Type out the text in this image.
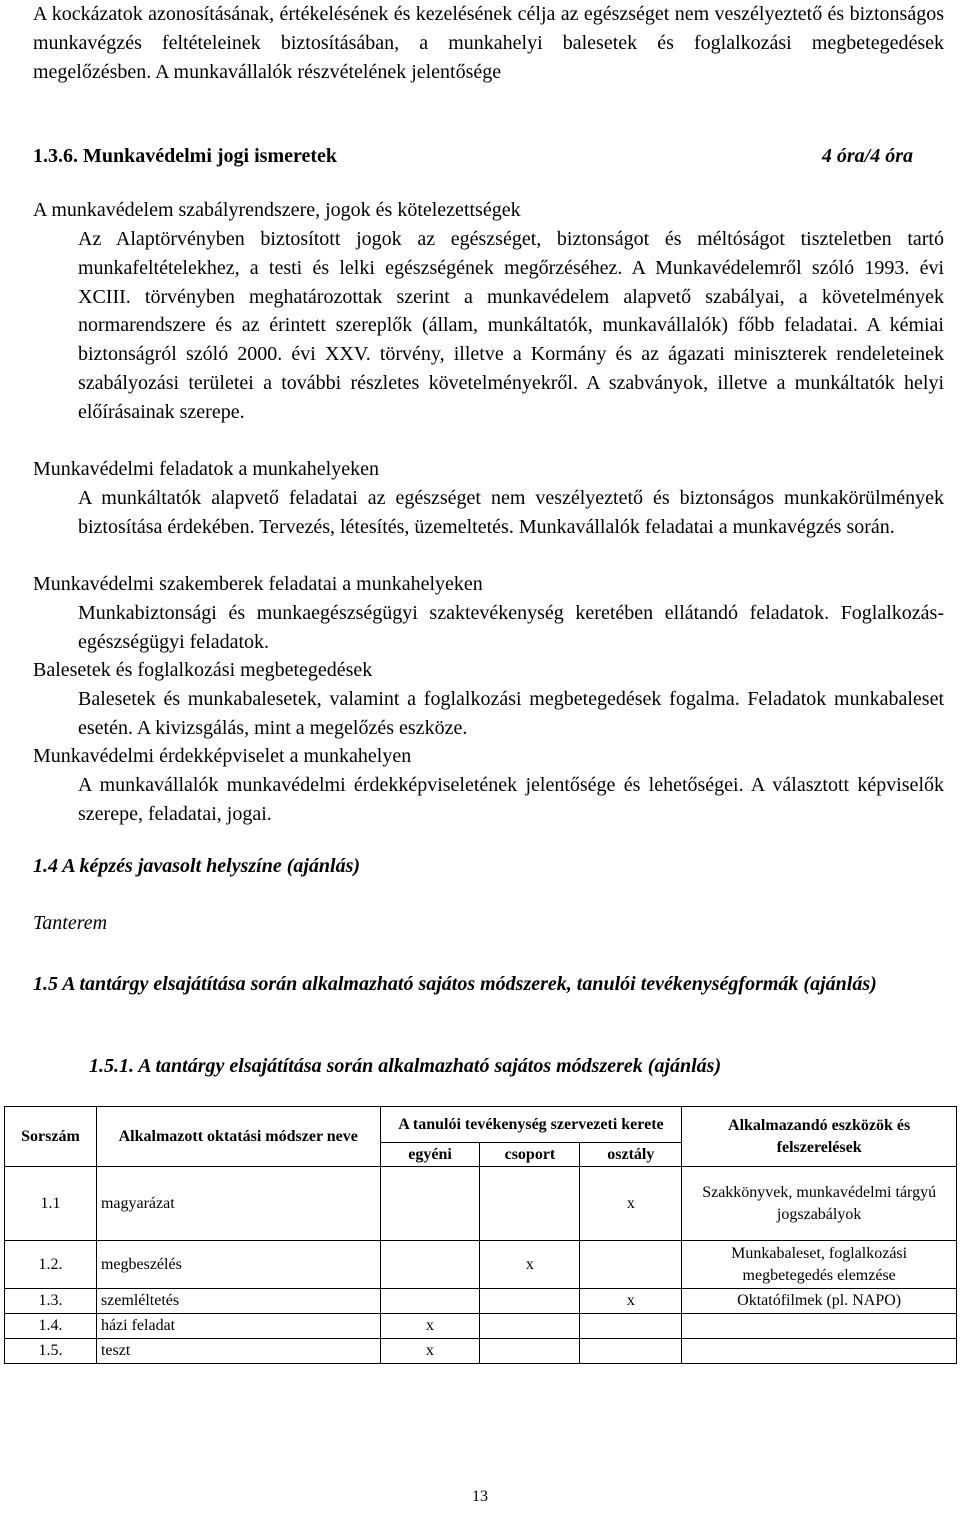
A kockázatok azonosításának, értékelésének és kezelésének célja az egészséget nem veszélyeztető és biztonságos munkavégzés feltételeinek biztosításában, a munkahelyi balesetek és foglalkozási megbetegedések megelőzésben. A munkavállalók részvételének jelentősége

1.3.6. Munkavédelmi jogi ismeretek	4 óra/4 óra

A munkavédelem szabályrendszere, jogok és kötelezettségek

Az Alaptörvényben biztosított jogok az egészséget, biztonságot és méltóságot tiszteletben tartó munkafeltételekhez, a testi és lelki egészségének megőrzéséhez. A Munkavédelemről szóló 1993. évi XCIII. törvényben meghatározottak szerint a munkavédelem alapvető szabályai, a követelmények normarendszere és az érintett szereplők (állam, munkáltatók, munkavállalók) főbb feladatai. A kémiai biztonságról szóló 2000. évi XXV. törvény, illetve a Kormány és az ágazati miniszterek rendeleteinek szabályozási területei a további részletes követelményekről. A szabványok, illetve a munkáltatók helyi előírásainak szerepe.

Munkavédelmi feladatok a munkahelyeken

A munkáltatók alapvető feladatai az egészséget nem veszélyeztető és biztonságos munkakörülmények biztosítása érdekében. Tervezés, létesítés, üzemeltetés. Munkavállalók feladatai a munkavégzés során.

Munkavédelmi szakemberek feladatai a munkahelyeken

Munkabiztonsági és munkaegészségügyi szaktevékenység keretében ellátandó feladatok. Foglalkozás-egészségügyi feladatok.

Balesetek és foglalkozási megbetegedések

Balesetek és munkabalesetek, valamint a foglalkozási megbetegedések fogalma. Feladatok munkabaleset esetén. A kivizsgálás, mint a megelőzés eszköze.

Munkavédelmi érdekképviselet a munkahelyen

A munkavállalók munkavédelmi érdekképviseletének jelentősége és lehetőségei. A választott képviselők szerepe, feladatai, jogai.

1.4 A képzés javasolt helyszíne (ajánlás)
Tanterem
1.5 A tantárgy elsajátítása során alkalmazható sajátos módszerek, tanulói tevékenységformák (ajánlás)
1.5.1. A tantárgy elsajátítása során alkalmazható sajátos módszerek (ajánlás)
Sorszám	Alkalmazott oktatási módszer neve	A tanulói tevékenység szervezeti kerete			Alkalmazandó eszközök és felszerelések
		egyéni	csoport	osztály	
1.1	magyarázat			x	Szakkönyvek, munkavédelmi tárgyú jogszabályok
1.2.	megbeszélés		x		Munkabaleset, foglalkozási megbetegedés elemzése
1.3.	szemléltetés			x	Oktatófilmek (pl. NAPO)
1.4.	házi feladat	x			
1.5.	teszt	x			
13
